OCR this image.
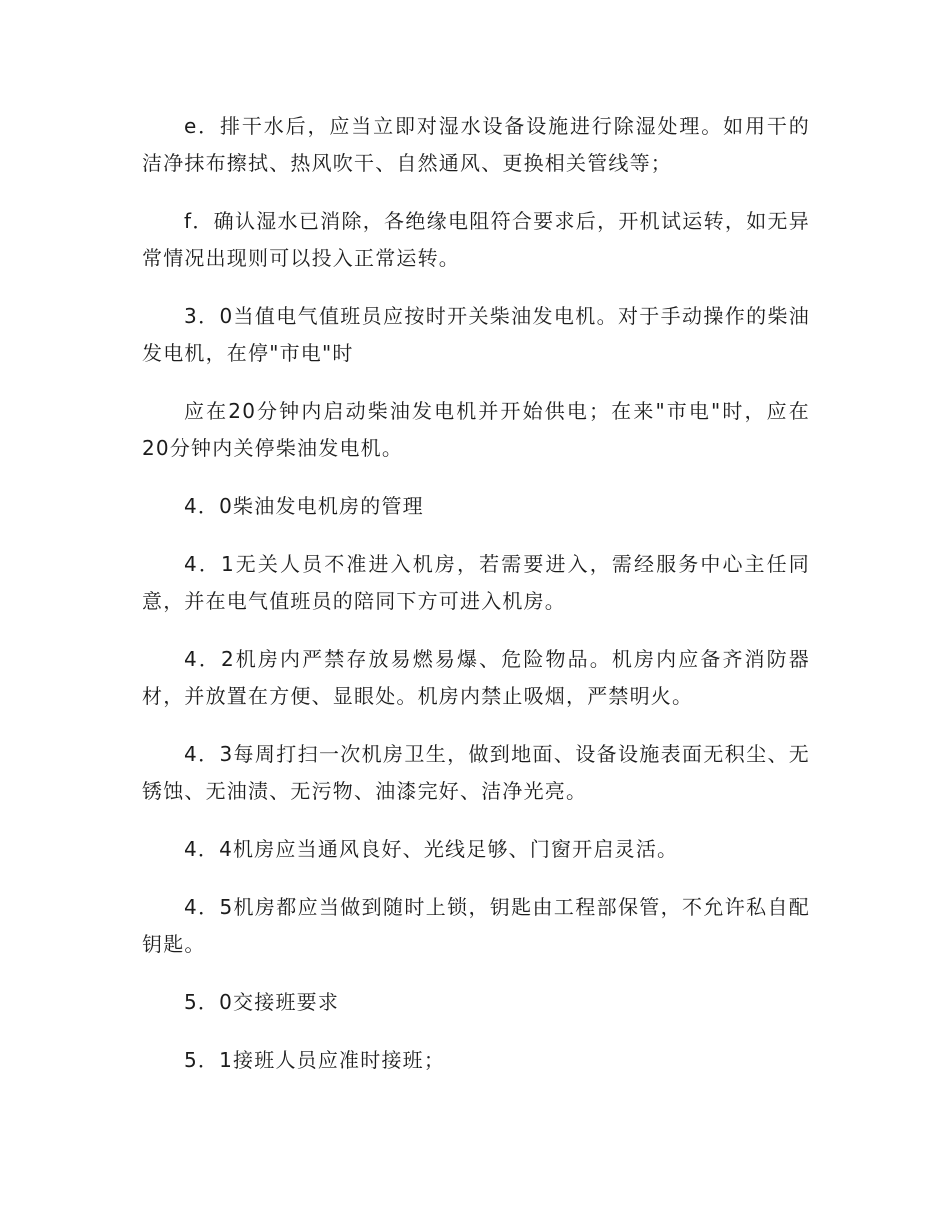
e．排干水后，应当立即对湿水设备设施进行除湿处理。如用干的洁净抹布擦拭、热风吹干、自然通风、更换相关管线等；

f．确认湿水已消除，各绝缘电阻符合要求后，开机试运转，如无异常情况出现则可以投入正常运转。

3．0当值电气值班员应按时开关柴油发电机。对于手动操作的柴油发电机，在停"市电"时

应在20分钟内启动柴油发电机并开始供电；在来"市电"时，应在20分钟内关停柴油发电机。

4．0柴油发电机房的管理

4．1无关人员不准进入机房，若需要进入，需经服务中心主任同意，并在电气值班员的陪同下方可进入机房。

4．2机房内严禁存放易燃易爆、危险物品。机房内应备齐消防器材，并放置在方便、显眼处。机房内禁止吸烟，严禁明火。

4．3每周打扫一次机房卫生，做到地面、设备设施表面无积尘、无锈蚀、无油渍、无污物、油漆完好、洁净光亮。

4．4机房应当通风良好、光线足够、门窗开启灵活。

4．5机房都应当做到随时上锁，钥匙由工程部保管，不允许私自配钥匙。

5．0交接班要求

5．1接班人员应准时接班；
